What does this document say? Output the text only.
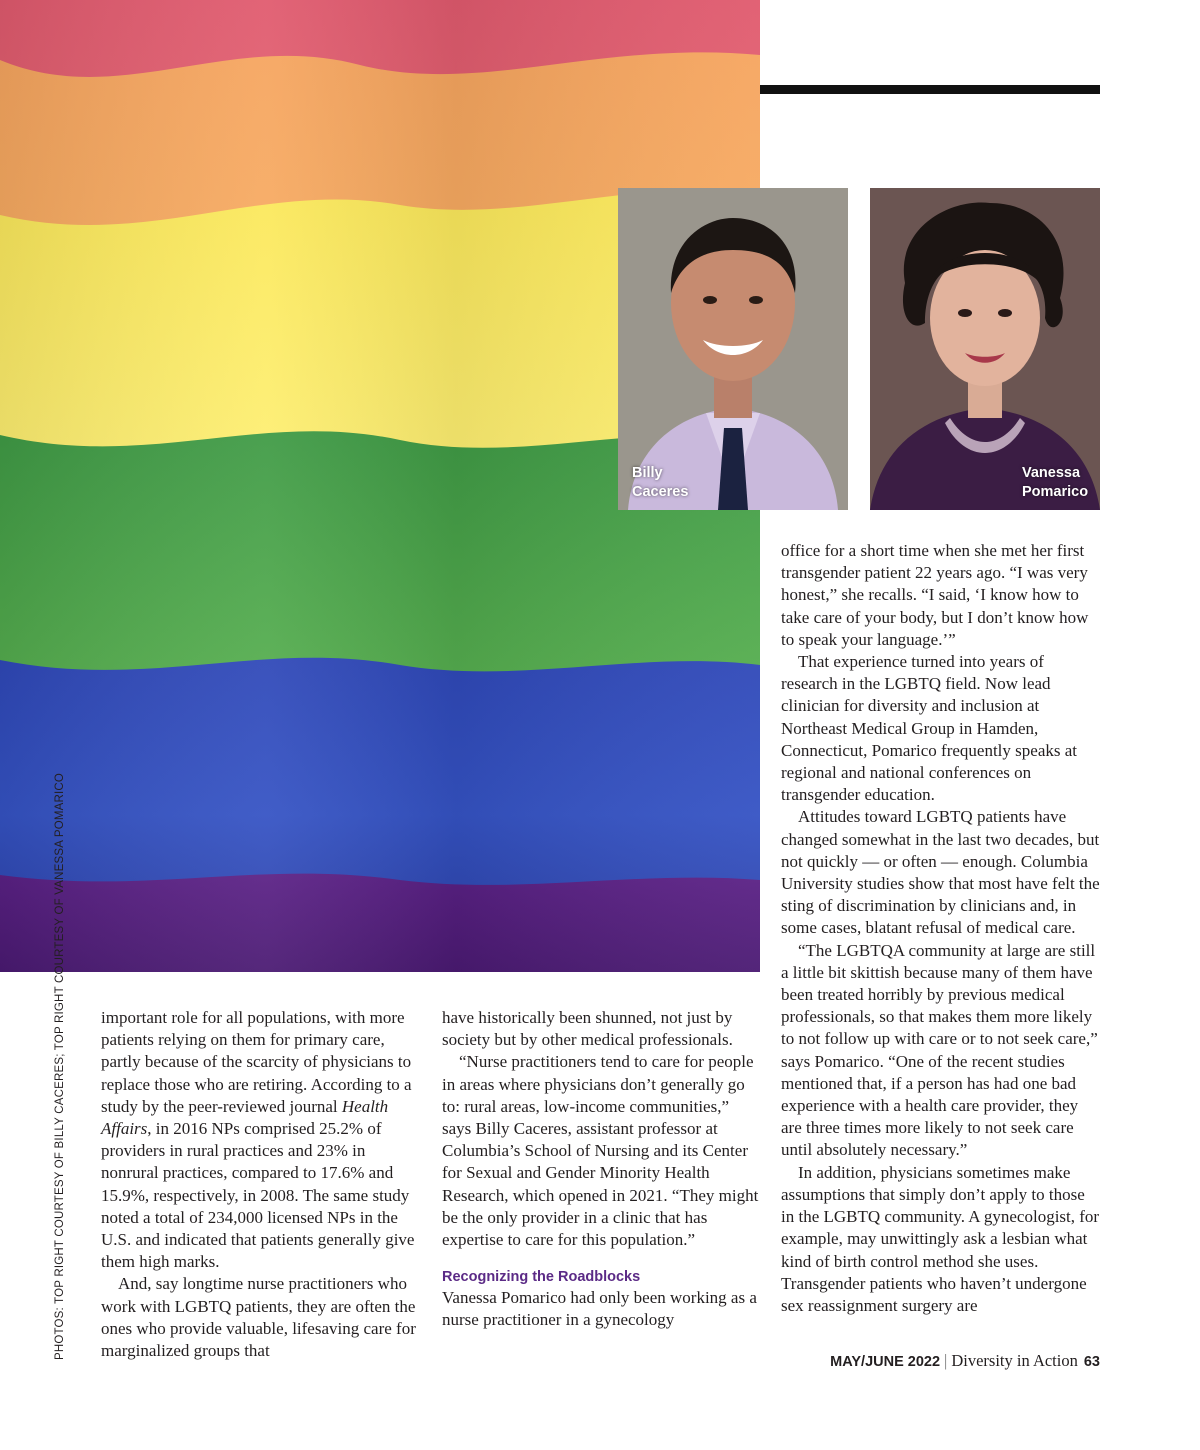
Billy
Caceres
Vanessa
Pomarico
PHOTOS: TOP RIGHT COURTESY OF BILLY CACERES; TOP RIGHT COURTESY OF VANESSA POMARICO important role for all populations, with more patients relying on them for primary care, partly because of the scarcity of physicians to replace those who are retiring. According to a study by the peer-reviewed journal Health Affairs, in 2016 NPs comprised 25.2% of providers in rural practices and 23% in nonrural practices, compared to 17.6% and 15.9%, respectively, in 2008. The same study noted a total of 234,000 licensed NPs in the U.S. and indicated that patients generally give them high marks.

And, say longtime nurse practitioners who work with LGBTQ patients, they are often the ones who provide valuable, lifesaving care for marginalized groups that

have historically been shunned, not just by society but by other medical professionals.

“Nurse practitioners tend to care for people in areas where physicians don’t generally go to: rural areas, low-income communities,” says Billy Caceres, assistant professor at Columbia’s School of Nursing and its Center for Sexual and Gender Minority Health Research, which opened in 2021. “They might be the only provider in a clinic that has expertise to care for this population.”

Recognizing the Roadblocks

Vanessa Pomarico had only been working as a nurse practitioner in a gynecology

office for a short time when she met her first transgender patient 22 years ago. “I was very honest,” she recalls. “I said, ‘I know how to take care of your body, but I don’t know how to speak your language.’”

That experience turned into years of research in the LGBTQ field. Now lead clinician for diversity and inclusion at Northeast Medical Group in Hamden, Connecticut, Pomarico frequently speaks at regional and national conferences on transgender education.

Attitudes toward LGBTQ patients have changed somewhat in the last two decades, but not quickly — or often — enough. Columbia University studies show that most have felt the sting of discrimination by clinicians and, in some cases, blatant refusal of medical care.

“The LGBTQA community at large are still a little bit skittish because many of them have been treated horribly by previous medical professionals, so that makes them more likely to not follow up with care or to not seek care,” says Pomarico. “One of the recent studies mentioned that, if a person has had one bad experience with a health care provider, they are three times more likely to not seek care until absolutely necessary.”

In addition, physicians sometimes make assumptions that simply don’t apply to those in the LGBTQ community. A gynecologist, for example, may unwittingly ask a lesbian what kind of birth control method she uses. Transgender patients who haven’t undergone sex reassignment surgery are

MAY/JUNE 2022 | Diversity in Action 63
